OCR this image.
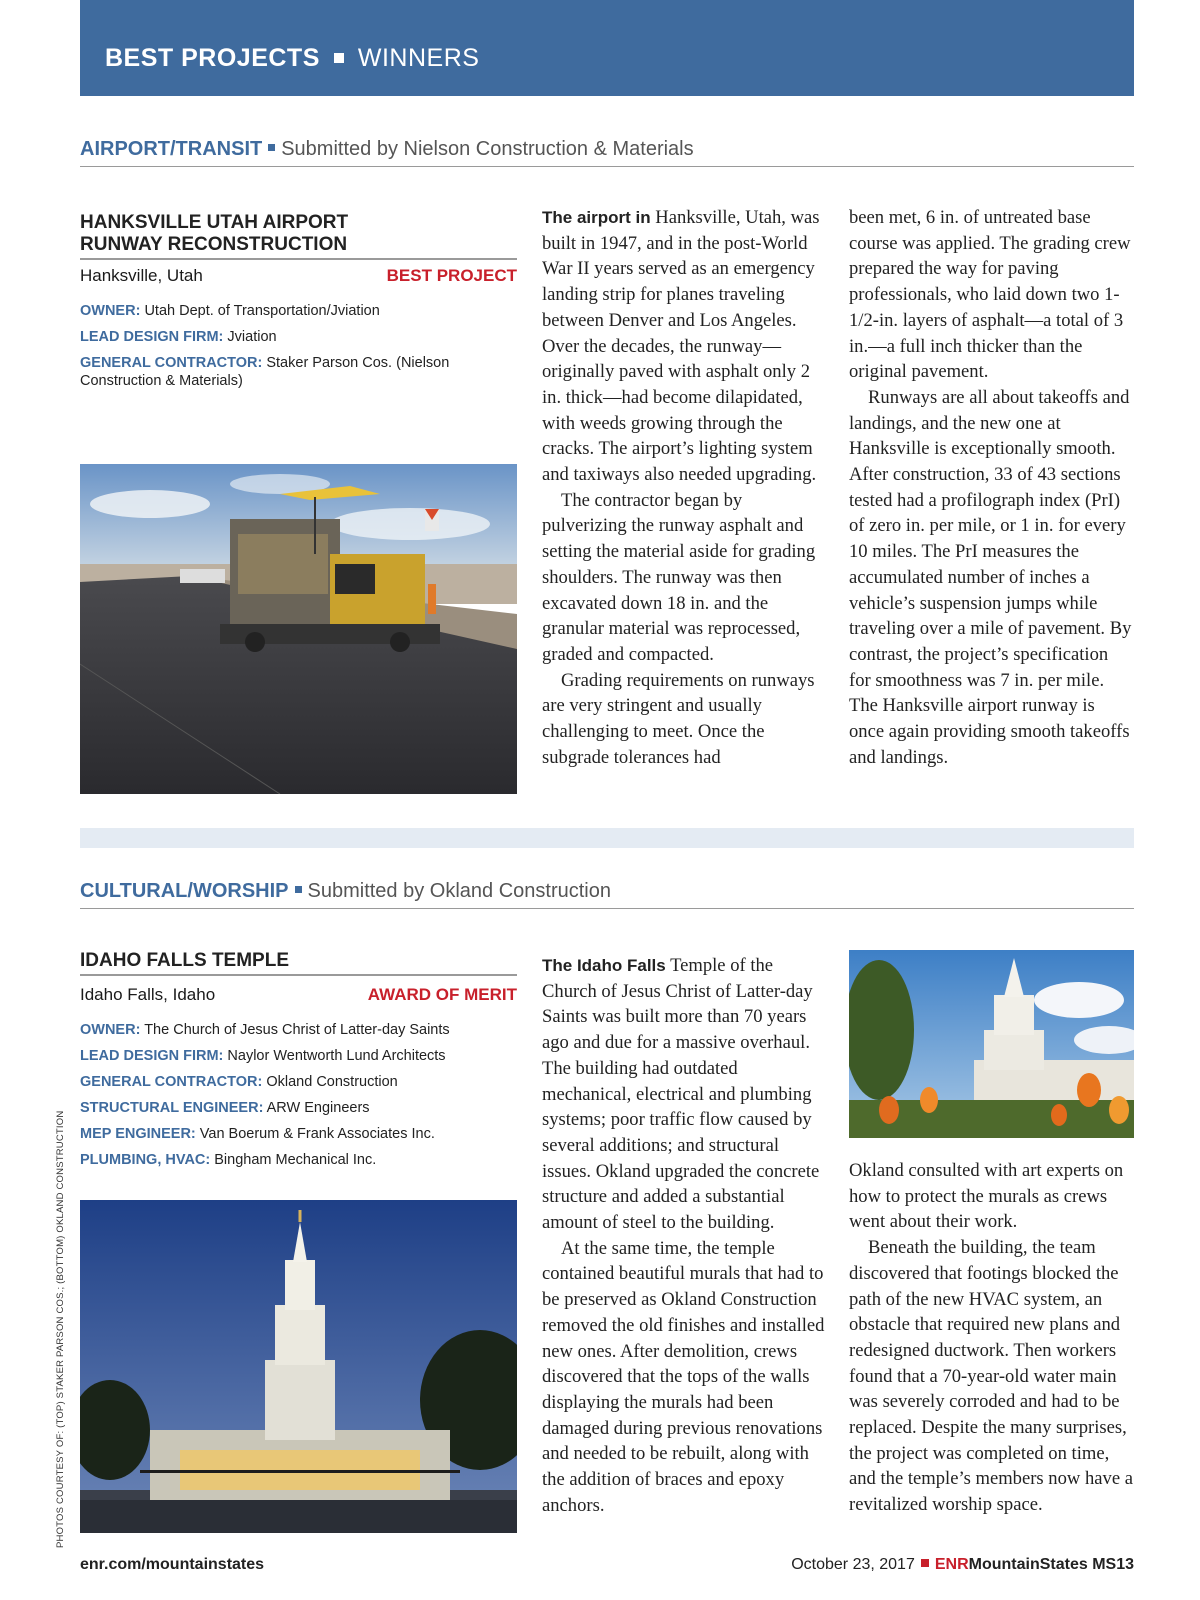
BEST PROJECTS WINNERS
AIRPORT/TRANSIT Submitted by Nielson Construction & Materials
HANKSVILLE UTAH AIRPORT
RUNWAY RECONSTRUCTION
Hanksville, Utah	BEST PROJECT
OWNER: Utah Dept. of Transportation/Jviation
LEAD DESIGN FIRM: Jviation
GENERAL CONTRACTOR: Staker Parson Cos. (Nielson Construction & Materials)

The airport in Hanksville, Utah, was built in 1947, and in the post-World War II years served as an emergency landing strip for planes traveling between Denver and Los Angeles. Over the decades, the runway—originally paved with asphalt only 2 in. thick—had become dilapidated, with weeds growing through the cracks. The airport’s lighting system and taxiways also needed upgrading.

The contractor began by pulverizing the runway asphalt and setting the material aside for grading shoulders. The runway was then excavated down 18 in. and the granular material was reprocessed, graded and compacted.

Grading requirements on runways are very stringent and usually challenging to meet. Once the subgrade tolerances had

been met, 6 in. of untreated base course was applied. The grading crew prepared the way for paving professionals, who laid down two 1-1/2-in. layers of asphalt—a total of 3 in.—a full inch thicker than the original pavement.

Runways are all about takeoffs and landings, and the new one at Hanksville is exceptionally smooth. After construction, 33 of 43 sections tested had a profilograph index (PrI) of zero in. per mile, or 1 in. for every 10 miles. The PrI measures the accumulated number of inches a vehicle’s suspension jumps while traveling over a mile of pavement. By contrast, the project’s specification for smoothness was 7 in. per mile. The Hanksville airport runway is once again providing smooth takeoffs and landings.

CULTURAL/WORSHIP Submitted by Okland Construction
IDAHO FALLS TEMPLE
Idaho Falls, Idaho	AWARD OF MERIT
OWNER: The Church of Jesus Christ of Latter-day Saints
LEAD DESIGN FIRM: Naylor Wentworth Lund Architects
GENERAL CONTRACTOR: Okland Construction
STRUCTURAL ENGINEER: ARW Engineers
MEP ENGINEER: Van Boerum & Frank Associates Inc.
PLUMBING, HVAC: Bingham Mechanical Inc.

The Idaho Falls Temple of the Church of Jesus Christ of Latter-day Saints was built more than 70 years ago and due for a massive overhaul. The building had outdated mechanical, electrical and plumbing systems; poor traffic flow caused by several additions; and structural issues. Okland upgraded the concrete structure and added a substantial amount of steel to the building.

At the same time, the temple contained beautiful murals that had to be preserved as Okland Construction removed the old finishes and installed new ones. After demolition, crews discovered that the tops of the walls displaying the murals had been damaged during previous renovations and needed to be rebuilt, along with the addition of braces and epoxy anchors.

Okland consulted with art experts on how to protect the murals as crews went about their work.

Beneath the building, the team discovered that footings blocked the path of the new HVAC system, an obstacle that required new plans and redesigned ductwork. Then workers found that a 70-year-old water main was severely corroded and had to be replaced. Despite the many surprises, the project was completed on time, and the temple’s members now have a revitalized worship space.

PHOTOS COURTESY OF: (TOP) STAKER PARSON COS.; (BOTTOM) OKLAND CONSTRUCTION
enr.com/mountainstates	October 23, 2017 ENRMountainStates MS13
